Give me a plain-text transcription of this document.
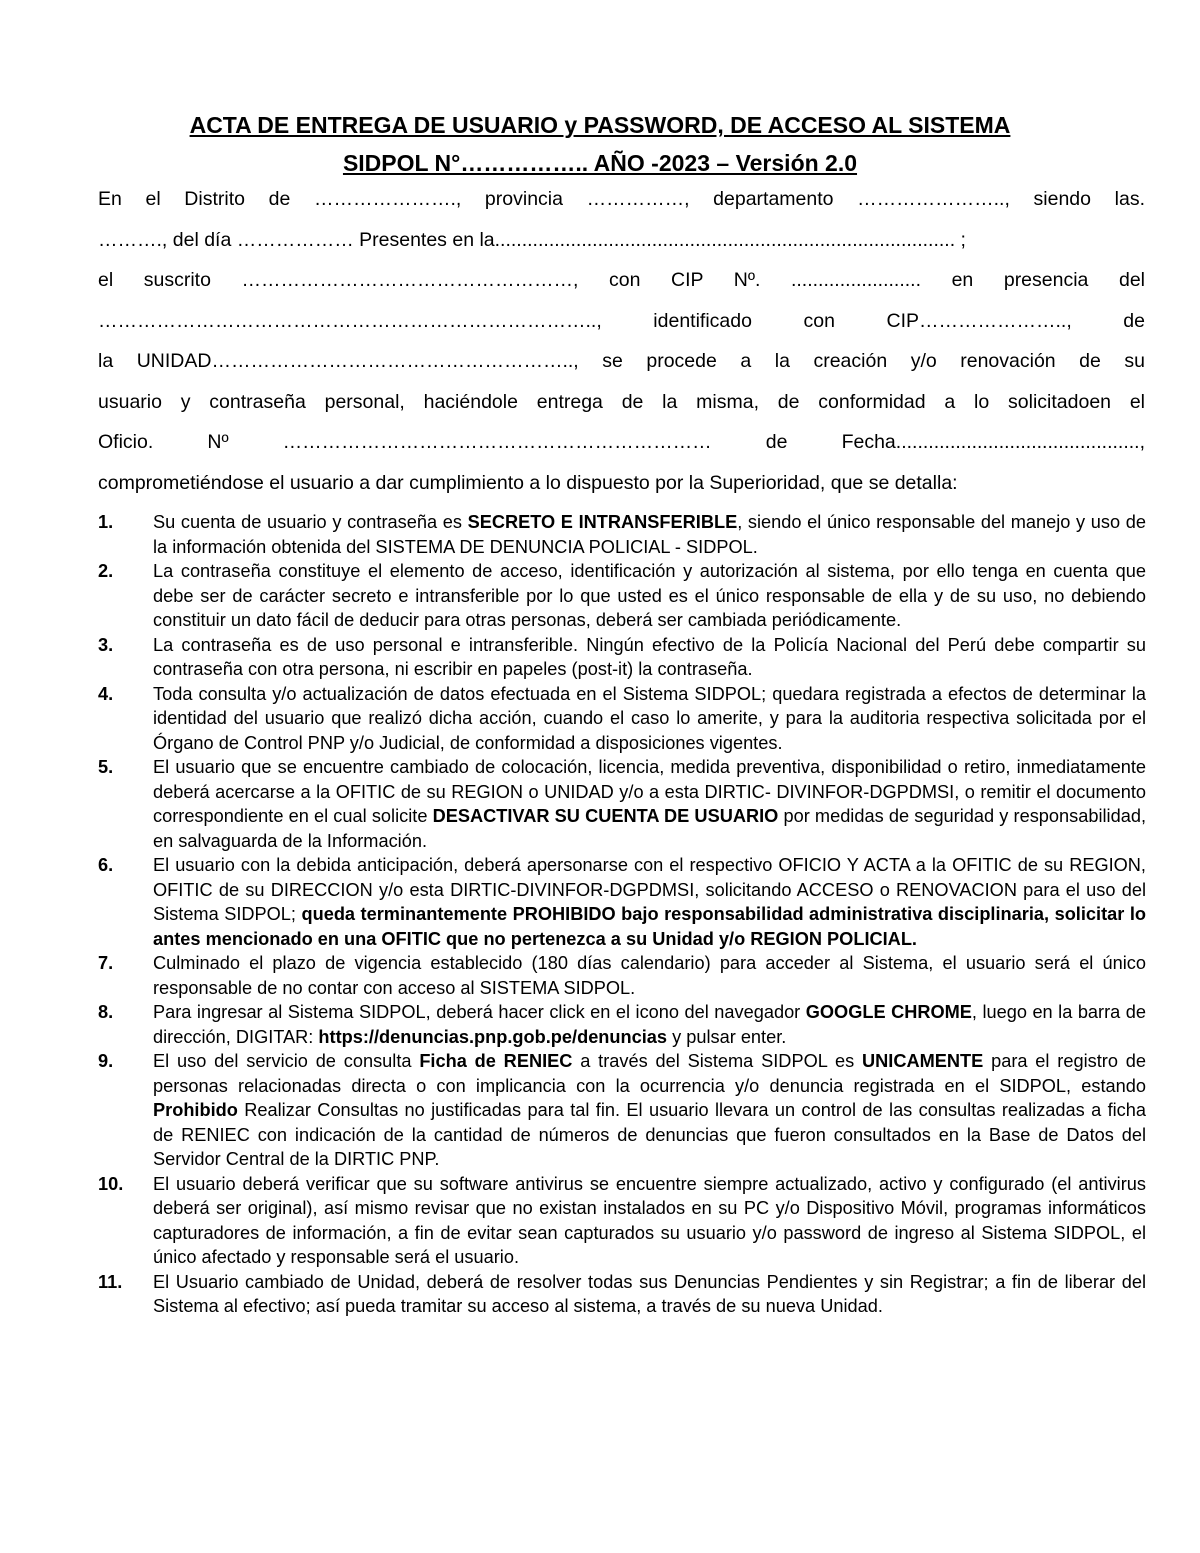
ACTA DE ENTREGA DE USUARIO y PASSWORD, DE ACCESO AL SISTEMA
SIDPOL N°…………….. AÑO -2023 – Versión 2.0
En el Distrito de …………………., provincia ……………, departamento ………………….., siendo las.
………., del día ……………… Presentes en la..................................................................................... ;
el suscrito ……………………………………………, con CIP Nº. ........................ en presencia del
………………………………………………………………….., identificado con CIP………………….., de
la UNIDAD……………………………………………….., se procede a la creación y/o renovación de su
usuario y contraseña personal, haciéndole entrega de la misma, de conformidad a lo solicitadoen el
Oficio. Nº ………………………………………………………… de Fecha.............................................,
comprometiéndose el usuario a dar cumplimiento a lo dispuesto por la Superioridad, que se detalla:
1. Su cuenta de usuario y contraseña es SECRETO E INTRANSFERIBLE, siendo el único responsable del manejo y uso de la información obtenida del SISTEMA DE DENUNCIA POLICIAL - SIDPOL.
2. La contraseña constituye el elemento de acceso, identificación y autorización al sistema, por ello tenga en cuenta que debe ser de carácter secreto e intransferible por lo que usted es el único responsable de ella y de su uso, no debiendo constituir un dato fácil de deducir para otras personas, deberá ser cambiada periódicamente.
3. La contraseña es de uso personal e intransferible. Ningún efectivo de la Policía Nacional del Perú debe compartir su contraseña con otra persona, ni escribir en papeles (post-it) la contraseña.
4. Toda consulta y/o actualización de datos efectuada en el Sistema SIDPOL; quedara registrada a efectos de determinar la identidad del usuario que realizó dicha acción, cuando el caso lo amerite, y para la auditoria respectiva solicitada por el Órgano de Control PNP y/o Judicial, de conformidad a disposiciones vigentes.
5. El usuario que se encuentre cambiado de colocación, licencia, medida preventiva, disponibilidad o retiro, inmediatamente deberá acercarse a la OFITIC de su REGION o UNIDAD y/o a esta DIRTIC- DIVINFOR-DGPDMSI, o remitir el documento correspondiente en el cual solicite DESACTIVAR SU CUENTA DE USUARIO por medidas de seguridad y responsabilidad, en salvaguarda de la Información.
6. El usuario con la debida anticipación, deberá apersonarse con el respectivo OFICIO Y ACTA a la OFITIC de su REGION, OFITIC de su DIRECCION y/o esta DIRTIC-DIVINFOR-DGPDMSI, solicitando ACCESO o RENOVACION para el uso del Sistema SIDPOL; queda terminantemente PROHIBIDO bajo responsabilidad administrativa disciplinaria, solicitar lo antes mencionado en una OFITIC que no pertenezca a su Unidad y/o REGION POLICIAL.
7. Culminado el plazo de vigencia establecido (180 días calendario) para acceder al Sistema, el usuario será el único responsable de no contar con acceso al SISTEMA SIDPOL.
8. Para ingresar al Sistema SIDPOL, deberá hacer click en el icono del navegador GOOGLE CHROME, luego en la barra de dirección, DIGITAR: https://denuncias.pnp.gob.pe/denuncias y pulsar enter.
9. El uso del servicio de consulta Ficha de RENIEC a través del Sistema SIDPOL es UNICAMENTE para el registro de personas relacionadas directa o con implicancia con la ocurrencia y/o denuncia registrada en el SIDPOL, estando Prohibido Realizar Consultas no justificadas para tal fin. El usuario llevara un control de las consultas realizadas a ficha de RENIEC con indicación de la cantidad de números de denuncias que fueron consultados en la Base de Datos del Servidor Central de la DIRTIC PNP.
10. El usuario deberá verificar que su software antivirus se encuentre siempre actualizado, activo y configurado (el antivirus deberá ser original), así mismo revisar que no existan instalados en su PC y/o Dispositivo Móvil, programas informáticos capturadores de información, a fin de evitar sean capturados su usuario y/o password de ingreso al Sistema SIDPOL, el único afectado y responsable será el usuario.
11. El Usuario cambiado de Unidad, deberá de resolver todas sus Denuncias Pendientes y sin Registrar; a fin de liberar del Sistema al efectivo; así pueda tramitar su acceso al sistema, a través de su nueva Unidad.
